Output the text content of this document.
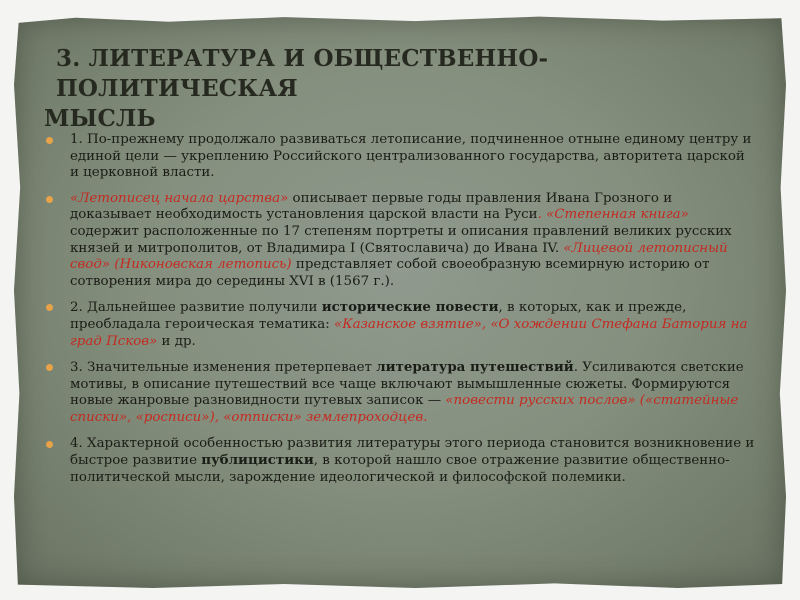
3. ЛИТЕРАТУРА И ОБЩЕСТВЕННО-ПОЛИТИЧЕСКАЯ
МЫСЛЬ
1. По-прежнему продолжало развиваться летописание, подчиненное отныне единому центру и единой цели — укреплению Российского централизованного государства, авторитета царской и церковной власти.
«Летописец начала царства» описывает первые годы правления Ивана Грозного и доказывает необходимость установления царской власти на Руси. «Степенная книга» содержит расположенные по 17 степеням портреты и описания правлений великих русских князей и митрополитов, от Владимира I (Святославича) до Ивана IV. «Лицевой летописный свод» (Никоновская летопись) представляет собой своеобразную всемирную историю от сотворения мира до середины XVI в (1567 г.).
2. Дальнейшее развитие получили исторические повести, в которых, как и прежде, преобладала героическая тематика: «Казанское взятие», «О хождении Стефана Батория на град Псков» и др.
3. Значительные изменения претерпевает литература путешествий. Усиливаются светские мотивы, в описание путешествий все чаще включают вымышленные сюжеты. Формируются новые жанровые разновидности путевых записок — «повести русских послов» («статейные списки», «росписи»), «отписки» землепроходцев.
4. Характерной особенностью развития литературы этого периода становится возникновение и быстрое развитие публицистики, в которой нашло свое отражение развитие общественно-политической мысли, зарождение идеологической и философской полемики.
